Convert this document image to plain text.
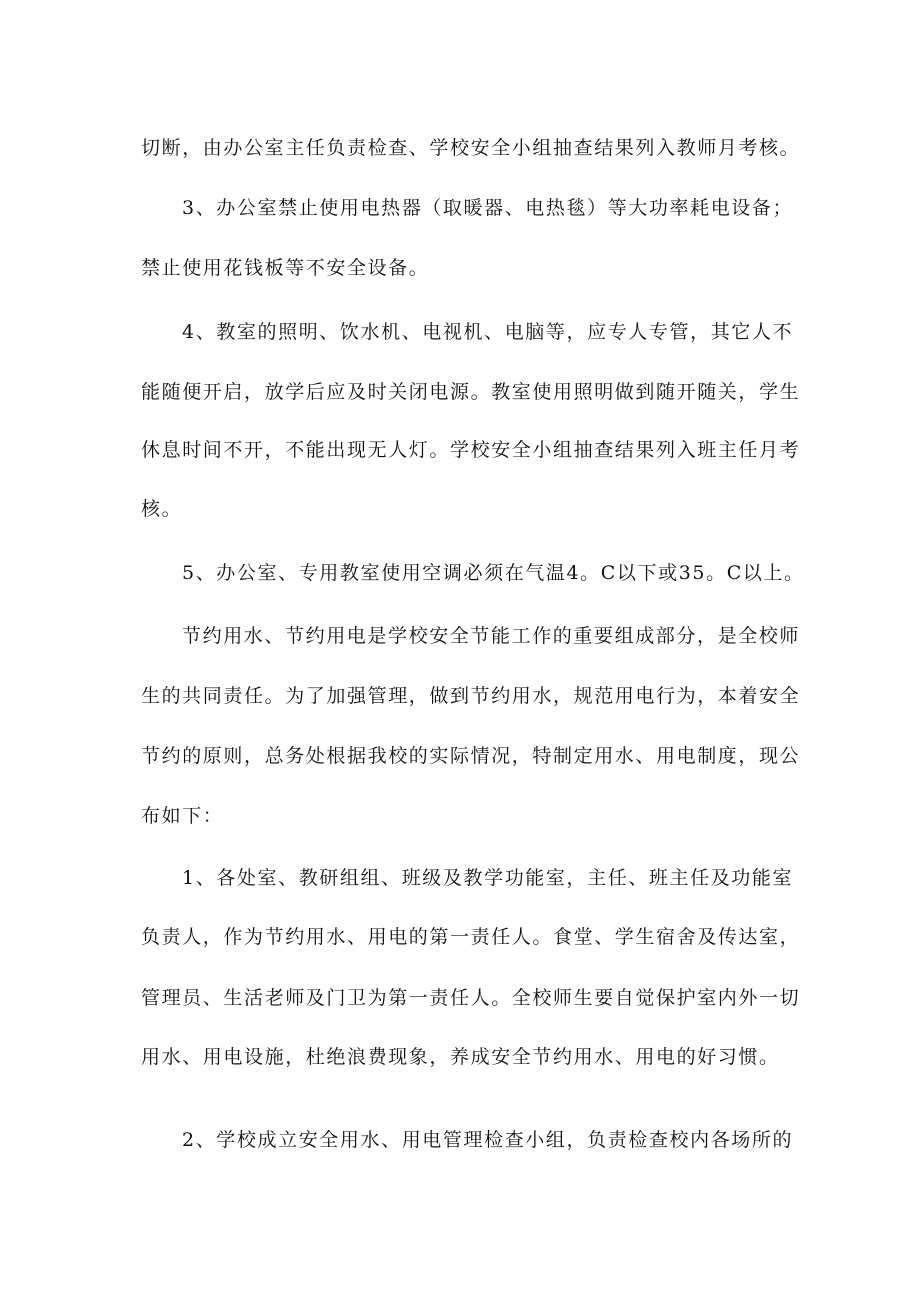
切断，由办公室主任负责检查、学校安全小组抽查结果列入教师月考核。
3、办公室禁止使用电热器（取暖器、电热毯）等大功率耗电设备；
禁止使用花钱板等不安全设备。
4、教室的照明、饮水机、电视机、电脑等，应专人专管，其它人不
能随便开启，放学后应及时关闭电源。教室使用照明做到随开随关，学生
休息时间不开，不能出现无人灯。学校安全小组抽查结果列入班主任月考
核。
5、办公室、专用教室使用空调必须在气温4。C以下或35。C以上。
节约用水、节约用电是学校安全节能工作的重要组成部分，是全校师
生的共同责任。为了加强管理，做到节约用水，规范用电行为，本着安全
节约的原则，总务处根据我校的实际情况，特制定用水、用电制度，现公
布如下：
1、各处室、教研组组、班级及教学功能室，主任、班主任及功能室
负责人，作为节约用水、用电的第一责任人。食堂、学生宿舍及传达室，
管理员、生活老师及门卫为第一责任人。全校师生要自觉保护室内外一切
用水、用电设施，杜绝浪费现象，养成安全节约用水、用电的好习惯。
2、学校成立安全用水、用电管理检查小组，负责检查校内各场所的
